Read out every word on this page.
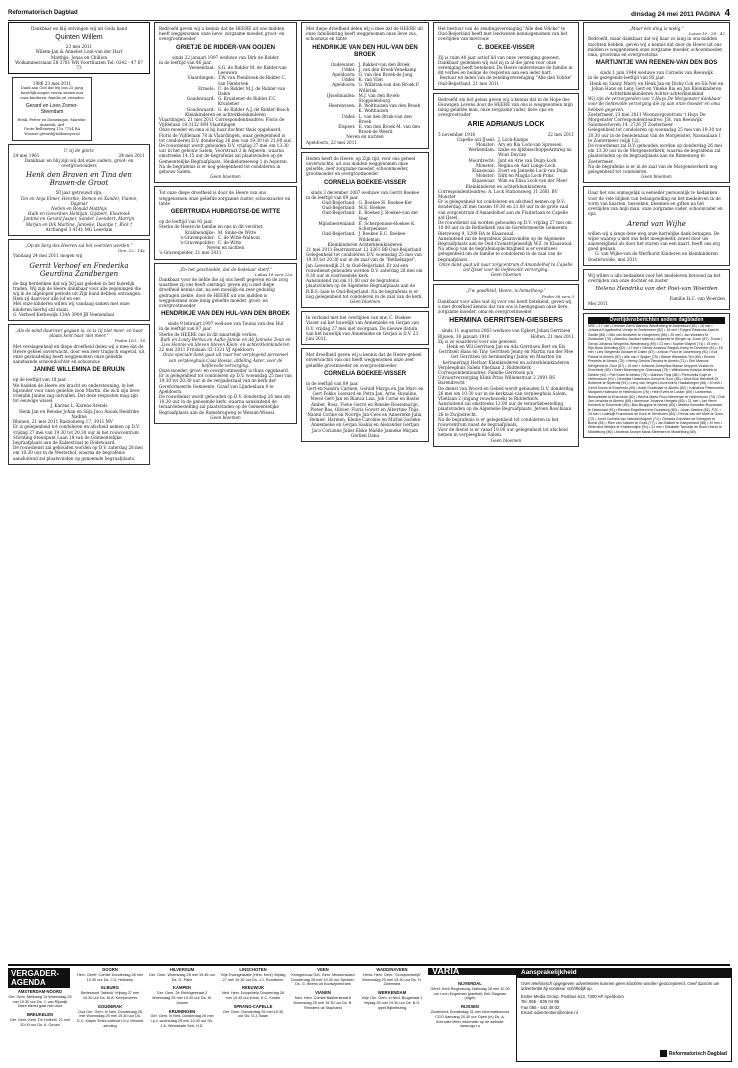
Reformatorisch Dagblad	dinsdag 24 mei 2011 PAGINA 4
Dankbaar en blij ontvingen wij uit Gods hand
Quinten Willem
23 mei 2011
Willem-Jan & Anneliet Lont-van der Hart
Matthijs, Jonas en Chillion
Wolkammerslaan 28 3781 WR Voorthuizen Tel: 0342 - 47 67 73
1986 23 mei 2011
Dank aan God dat wij ons 25 jarig huwelijk mogen vieren samen met onze kinderen, familie en vrienden
Gerard en Loes Zomer-Steendam
Henk, Petter en Domenique, Marieke, Annewik, Ard
Grote Bellemweg 11a 7754 RA Woonze gerard@zildemeyer.nl
U zij de glorie
24 mei 1961	24 mei 2011
Dankbaar en blij zijn wij dat onze ouders, groot- en overgrootouders
Henk den Braven en Tina den Braven-de Groot
50 jaar getrouwd zijn.
Ton en Anja Elmer, Henrike, Remco en Xander, Vianne, Dagmar
Nellen en Ronald Matthijs
Hulb en Geverdien Henlijan, Gijsbert, Elswmiek
Jantine en Gerard Jasper, Sander, Leendert, Marrijn
Marjan en Dik Martine, Janneke, Daantje †, Rick †
Archangel 3 4141 MG Leerdam
„Op de berg des Heeren zal het voorzien worden.”
Gen. 22 : 14c
Vandaag 24 mei 2011 mogen wij
Gerrit Verhoef en Frederika Geurdina Zandbergen
de dag herdenken dat wij 50 jaar geleden in het huwelijk traden. Wij zijn de Heere dankbaar voor alle zegeningen die wij in de afgelopen periode uit Zijn hand hebben ontvangen. Hem zij daarvoor alle lof en eer.
Met onze kinderen willen wij vandaag samen met onze kinderen hierbij stil staan.
G. Verhoef Kerkewijk 134A 3904 JB Veenendaal
„Als de wind daarover gegaan is, zo is zij niet meer, en haar plaats kent haar niet meer.”
Psalm 103 : 16
Met verslagenheid en diepe droefheid delen wij u mee dat de Heere geheel onverwacht, door een zeer tragisch ongeval, uit onze gezinsdeling heeft weggenomen onze geliefde aanstaande schoondochter en schoonzus
JANINE WILLEMINA DE BRUIJN
op de leeftijd van 18 jaar.
We hadden de Heere om kracht en ondersteuning, in het bijzonder voor onze geliefde zoon Martin, die zich zijn lieve vriendin Janine zag ontvallen. Dat deze resposten mag zijn tot eeuwige wissel.
J. Karens L. Karens-Arends
Henk Jan en Renske Johan en Silja Jaco Anouk Hendrike Nadine
Rhenen, 21 mei 2011 Bastionweg 17, 3911 MV
Er is gelegenheid tot condoleren en afscheid nemen op D.V. vrijdag 27 mei van 19.30 tot 20.30 uur in het rouwcentrum Stichting Steunpunt Laan 18 van de Gemeentelijke begraafplaats aan de Kalsestraat te Dodewaard.
De rouwdienst zal gehouden worden op D.V. zaterdag 28 mei om 10.30 uur in de Westerhof, waarna de begrafenis aansluitend zal plaatsvinden op genoemde begraafplaats.
Bedroefd geven wij u kennis dat de HEERE uit ons midden heeft weggenomen onze lieve, zorgzame moeder, groot- en overgrootmoeder
GRIETJE DE RIDDER-VAN OOIJEN
sinds 22 januari 1997 weduwe van Dirk de Ridder
in de leeftijd van 86 jaar.
Veenendaal: S.G. de Ridder M. de Ridder-van Leeuwen
Vlaardingen: T.W. van Pienbroek-de Ridder C. van Pienbroek
Ermelo: C. de Ridder M.J. de Ridder-van Dalen
Goudswaard: G. Kruidener-de Ridder F.C. Kruidener
Goudswaard: G. de Ridder A.J. de Ridder-Bosch
Kleinkinderen en achterkleinkinderen
Vlaardingen, 21 mei 2011 Correspondentieadres: Floris de Vijfdelaan 18 3132 HM Vlaardingen
Onze moeder en oma is bij haar dochter thuis opgebaard, Floris de Vijfdelaan 78 in Vlaardingen, waar gelegenheid is tot condoleren D.V. donderdag 26 mei van 19.30 tot 21.00 uur.
De rouwdienst wordt gehouden D.V. vrijdag 27 mei om 13.30 uur in het gebouw Salem, Voorstraat 3 in Asperen, waarna omstreeks 14.15 uur de begrafenis zal plaatsvinden op de Gemeentelijke Begraafplaats, Heukelumseweg 1 in Asperen.
Na de begrafenis is er nog gelegenheid tot condoleren in gebouw Salem.
Geen bloemen
Tot onze diepe droefheid is door de Heere van ons weggenomen onze geliefde zorgzame zuster, schoonzuster en tante
GEERTRUIDA HUBREGTSE-DE WITTE
op de leeftijd van 93 jaar.
Sterke de Heere de familie en ons in dit verdriet.
Krabbendijke: M. Sinke-de Witte
's-Gravenpolder: C. de Witte-Walhout
's-Gravenpolder: C. de Witte
Neven en nichten
's-Gravenpolder, 21 mei 2011
„En het geschiedde, dat de bedelaar stierf.”
Lukas 16 vers 22a
Dankbaar voor de liefde die zij ons heeft gegeven en de zorg waarmee zij ons heeft omringd, geven wij u met diepe droefheid kennis dat, na een moeilijk en zeer geduldig gedragen ziekte, door de HEERE uit ons midden is weggenomen onze innig geliefde moeder, groot- en overgrootmoeder
HENDRIKJE VAN DEN HUL-VAN DEN BROEK
sinds 9 februari 1997 weduwe van Teunis van den Hul
in de leeftijd van 87 jaar.
Sterke de HEERE ons in dit smartelijk verlies.
Ruth en Louty Bertus en Aafke Jannie en Ab Janneke Teun en Lies Hennie en Steven Steven Klein- en achterkleinkinderen
22 mei 2011 Fritslaan 33 1321 VJ Apeldoorn
Onze speciale dank gaat uit naar het verplegend personeel van verpleeghuis Casa Bossia, afdeling Aster, voor de liefdevolle verzorging.
Onze moeder, groot- en overgrootmoeder is thuis opgebaard.
Er is gelegenheid tot condoleren op D.V. woensdag 25 mei van 19.30 tot 20.30 uur in de vergaderzaal van de kerk der Gereformeerde Gemeente, Graaf van Lijndenlaan 9 te Apeldoorn.
De rouwdienst wordt gehouden op D.V. donderdag 26 mei om 10.30 uur in de genoemde kerk, waarna aansluitend de teraardebestelling zal plaatsvinden op de Gemeentelijke Begraafplaats aan de Ramsbrugweg te Wenum-Wiesel.
Geen bloemen
Met diepe droefheid delen wij u mee dat de HEERE uit onze familiekring heeft weggenomen onze lieve zus, schoonzus en tante
HENDRIKJE VAN DEN HUL-VAN DEN BROEK
Oudewater: J. Bakker-van den Broek
Uddel: J. van den Broek-Venekamp
Apeldoorn: G. van den Broek-de Jong
Uddel: K. van Vliet
Apeldoorn: G. Wilbrink-van den Broek P. Wilbrink
IJsselmuiden: M.J. van den Broek-Stoppelenburg
Heerenveen: B. Wolthuizen-van den Broek K. Wolthuizen
Uddel: L. van den Brink-van den Broek
Elspeet: E. van den Broek M. van den Broek-de Weerd
Neven en nichten
Apeldoorn, 22 mei 2011
Heden heeft de Heere, op Zijn tijd, voor ons geheel onverwachts, uit ons midden weggenomen onze geliefde, zeer zorgzame moeder, schoonmoeder, grootmoeder en overgrootmoeder
CORNELIA BOEKEE-VISSER
sinds 3 december 2007 weduwe van Gerrit Boekee
in de leeftijd van 89 jaar.
Oud-Beijerland: G. Boekee H. Boekee-Ker
Oud-Beijerland: M.E. Boekee
Oud-Beijerland: E. Boekee J. Boekee-van der Veer
Mijnsheerenland: E. Scherpenisse-Boekee K. Scherpenisse
Oud-Beijerland: J. Boekee E.C. Boekee-Wildeman
Kleinkinderen Achterkleinkinderen
21 mei 2011 Beatrixstraat 12 3261 BB Oud-Beijerland
Gelegenheid tot condoleren D.V. woensdag 25 mei van 19.30 tot 20.30 uur in de zaal van de "Bethelkapel", Jan Lievensdijk 21 te Oud-Beijerland. Er zal een rouwdienst gehouden worden D.V. zaterdag 28 mei om 9.30 uur in voornoemde kerk.
Aansluitend zal om 11.00 uur de begrafenis plaatsvinden op de Algemene Begraafplaats aan de R.B.S.-laan te Oud-Beijerland. Na de begrafenis is er nog gelegenheid tot condoleren in de zaal van de kerk.
Geen bloemen
In verband met het overlijden van mw. C. Boekee-Visser zal het huwelijk van Annemieke en Gerjan van D.V. vrijdag 27 mei niet doorgaan. De nieuwe datum van het huwelijk van Annemieke en Gerjan is D.V. 23 juni 2011.
Met droefheid geven wij u kennis dat de Heere geheel onverwachts van ons heeft weggenomen onze zeer geliefde grootmoeder en overgrootmoeder
CORNELIA BOEKEE-VISSER
in de leeftijd van 89 jaar.
Gert en Sandra Carmen, Gerald Marga en Jan Marc en Gert Fokko Leonard en Petra Jan, Arne, Rosaline, Merel Gert-Jan en Bianca Lisa, Job Corné en Bastei Amber, Rosa, Fiene Gerrit en Renske Roosemarijn, Pieter-Bas, Olivier, Floris Govert en Albertine Thijs, Naomi Corine en Noortje Jan-Cees en Annerieke Julia, Reinier, Harmen, Kleine Caroline en Michel Sarieke Annemieke en Gerjan Saskia en Alexander Gertjan Jaco Corianne Juliet Elske Maëlle Janneke Mirjam Gerlien Dana
Het bestuur van de zendingsvereniging "Alle den Volcke" te Oud-Beijerland heeft met leedwezen kennisgenomen van het overlijden van mevrouw
C. BOEKEE-VISSER
Zij is ruim 40 jaar actief lid van onze vereniging geweest. Dankbaar gedenken wij wat zij in al die jaren voor onze vereniging heeft betekend. De Heere ondersteune de familie in dit verlies en heilige de resposten aan een ieder hart.
Bestuur en leden van de zendingsvereniging "Alle den Volcke"
Oud-Beijerland, 21 mei 2011
Bedroefd om het gemis geven wij u kennis dat in de Hope des Eeuwigen Levens door de HEERE van ons is weggenomen mijn innig geliefde man, onze zorgzame vader, lieve opa en overgrootvader
ARIE ADRIANUS LOCK
5 november 1916	22 mei 2011
Capelle a/d IJssel: J. Lock-Kamps
Monster: Ary en Ria Lock-van Sprossen
Werkendam: Izabe en lijfsbisschoppeArmreg nu Wout Daycan
Moordrecht: Jant en Arie van Duijn-Lock
Monster: Regina en Aad Lunge-Lock
Klaaswaal: Evert en Janneke Lock-van Duijn
Monster: Dirk en Magda Lock-Prins
Klaaswaal: Wim en Elisa Lock-van der Meer
Kleinkinderen en achterkleinkinderen
Correspondentieadres: A. Lock Stationsweg 11 2681 BV Monster
Er is gelegenheid tot condoleren en afscheid nemen op D.V. donderdag 26 mei tussen 19.30 en 21.00 uur in de grote zaal van zorgcentrum d'Amandelhof aan de Fluiterlaan te Capelle a/d IJssel.
De rouwdienst zal worden gehouden op D.V. vrijdag 27 mei om 10.00 uur in de Bethelkerk van de Gereformeerde Gemeente, Rietveweg 9, 3298 BA te Klaaswaal.
Aansluitend zal de begrafenis plaatsvinden op de Algemene Begraafplaats aan de Oud-Cromstrijensedijk W.Z. te Klaaswaal.
Na afloop van de begrafenisplechtigheid is er eventueel gelegenheid om de familie te condoleren in de zaal van de begraafplaats.
Onze dank gaat uit naar zorgcentrum d'Amandelhof te Capelle a/d IJssel voor de liefdevolle verzorging.
Geen bloemen
„Uw goedheid, Heere, is hemelhoog.”
Psalm 36 vers 3
Dankbaar voor alles wat zij voor ons heeft betekend, geven wij u met droefheid kennis dat van ons is heengegaan onze lieve, zorgzame moeder, oma en overgrootmoeder
HERMINA GERRITSEN-GIESBERS
sinds 11 augustus 2003 weduwe van Egbert Johan Gerritsen
Rijssen, 30 januari 1916	Holten, 21 mei 2011
Zij is zo waardevol voor ons geweest.
Henk en Wil Gerritsen Jan en Ada Gerritsen Bert en Els Gerritsen Hans en Tiny Gerritsen Jenny en Martin van der Mee Ger Gerritsen (in herinnering) Janny en Maarten (in herinnering) Herlaar Kleinkinderen en achterkleinkinderen
Verpleeghuis Salem Vlietlaan 2, Ridderkerk
Correspondentieadres: Familie Gerritsen p/a Uitvaartverzorging Klink Prins Willemstraat 2 2991 BS Barendrecht
De dienst van Woord en Gebed wordt gehouden D.V. donderdag 26 mei om 10.30 uur in de kerkzaal van verpleeghuis Salem, Vlietlaan 2 (ingang rouwbezoek) te Ridderkerk.
Aansluitend zal omstreeks 12.00 uur de teraardebestelling plaatsvinden op de Algemene Begraafplaats, Jeroen Boschlaan 26 te Zwijndrecht.
Na de begrafenis is er gelegenheid tot condoleren in het rouwcentrum naast de begraafplaats.
Voor de dienst is er vanaf 10.00 uur gelegenheid tot afscheid nemen in verpleeghuis Salem.
Geen bloemen
„Maar één ding is nodig.”
Lucas 10 : 28 - 42
Bedroefd, maar dankbaar dat wij haar zo lang in ons midden mochten hebben, geven wij u kennis dat door de Heere uit ons midden is weggenomen onze zorgzame moeder, schoonmoeder, oma, grootoma en overgrootoma
MARTIJNTJE VAN REENEN-VAN DEN BOS
sinds 1 juni 1944 weduwe van Cornelis van Reeuwijk
in de gezegende leeftijd van 95 jaar.
Henk en Sanny Marry en Henk Jan en Dicky Cok en Els Nel en Johan Hans en Leny Gert en Ymeke Ria en Jan Kleinkinderen Achterkleinkinderen Achter-achterkleinkind
Wij zijn de verzorgenden van 't Huys De Morgenster dankbaar voor de liefdevolle verzorging die zij aan onze moeder en oma hebben gegeven.
Zoetermeer, 21 mei 2011 Woonzorgcentrum 't Huys De Morgenster Correspondentieadres: J.H. van Reeuwijk Salomeschoven 14, 2726 JT Zoetermeer
Gelegenheid tot condoleren op woensdag 25 mei van 19.30 tot 20.30 uur in de benedenzaal van de Morgenster, Nassaulaan 1 te Zoetermeer (wijk 12).
De rouwdienst zal D.V. gehouden worden op donderdag 26 mei om 13.30 uur in de Morgensterkerk, waarna de begrafenis zal plaatsvinden op de begraafplaats aan de Binnenweg te Zoetermeer.
Na de begrafenis is er in de zaal van de Morgensterkerk nog gelegenheid tot condoleren.
Geen bloemen
Daar het ons onmogelijk is eenieder persoonlijk te bedanken voor de vele blijken van belangstelling en het medeleven in de vorm van kaarten, bezoeken, bloemen en giften na het overlijden van mijn man, onze zorgzame vader, schoonvader en opa
Arend van Wijhe
willen wij u langs deze weg onze hartelijke dank betuigen. De wijze waarop u met ons hebt meegeleefd, zowel door uw aanwezigheid als door het sturen van een kaart, heeft ons erg goed gedaan.
G. van Wijhe-van de Werfhorst Kinderen en kleinkinderen
Oosterwolde, mei 2011
Wij willen u alle bedanken voor het medeleven betoond na het overlijden van onze dochter en zuster
Helena Hendrika van der Poel-van Woerden
Familie H.C. van Woerden
Mei 2011
Overlijdensberichten andere dagbladen
NRC • 17 mei • Herman Gerrit Marinus Westenberg te Amersfoort (64) • 18 mei • Johanna Engelbertha Vreeije te Zoetermeer (82) • 19 mei • Folgert Pasteuns-Kaal te Zwolle (85) • Otto van Binsveen te Hoogeveen (85) • 20 mei • Jan Woesers te Zuidwolde (75) • Albertha Jacoba Hallema-Lolkjonnet te Bergen op Zoom (87). Trouw • Gerda Johanna Wingerink-Westenburg (99) • 13 mei • Sophie Waynel (74) • 15 mei • Rijk Bouk-Schuiling (82) • 17 mei • Gerda Johanna Stegink-Kemp te Deventer (81) • 18 mei • Lies Stegeman-Bouwer te Dalen (87) • Antoon Poort te Lisserbroeg (91) • Eva Pakkie te Almelo (87) • Alle van 't Spijker (75) • Betsie Wieselink-Ten (89) • Emmie Presents te Almelo (75) • Henny Gesina Tienstra te Almelo (71) • Dirk Marinus Mengerink te Goor (87) • 19 mei • Johanna Josephina Marian Snippert-Voskim te Enschede (83) • Geert Bloemberg te Oldenzaal (79) • Wilhelmina Hulshof-Hellink te Delden (94) • Piet Kram te Almelo (79) • Marinus Thijs (68) • Pietronella Coljn te Hellendoorn (91) • Hendrika Hulsemann-Schult te Goor (83) • Dina Klok Westhoff-Te Boldeme te Nijverdal (92) • Leny van Vergert-Leuverink te Haaksbergen (66) • 20 mei • Gerrit Koens te Enschede (69) • Adolf Oosterlaar te Almelo (82) • Katharina Pieteronella Margaret-Holtmann te Hellendoorn (76) • Hein Evers te Losser (89) • Lambertus Belanekelde te Enschede (82) • Bertha Maria Floor-Weertman te Hellendoorn (74) • Dirk Jan Lensinks te Almelo (68) • Annerose Johanna Hengelo (65) • 21 mei • Jan Herm Kerbrink te Enschede (69) • Bos Bruggink te Neede (83) • Martha Schokker-Roosmaar te Oldenzaal (91) • Renske Engelbrecht te Doesburg (83) • Johan Saeters (82). PZC • 19 mei • Lodewijk Franciscus de Kock te Terneuzen (84) • Petrus van der Male te Goes (72) • Joost Cornelis van Nieuwenhuijzen (71) • Gerarda Dorothea de Schepper te Borde (83) • Rien van Sassen te Goes (77) • Jan Bakker te Kamperland (58) • 20 mei • Willemina Wietjes te Krabbendijke (91) • 21 mei • Elisabeth Tanneije de Buck-Hoeve te Middelburg (86) • Andreas Joseph Maria Steemers te Middelburg (65).
VERGADER-AGENDA
AMSTERDAM-NOORD
Ger. Gem. Melkweg 14 Woensdag 25 mei 19.30 uur Ds. J. van Rijswijk Deze dienst gaat niet door
BREUKELEN
Ger. Gem. Kerk 'De Hofkerk' 21 mei 20.00 uur Ds. A. Geuze
DOORN
Herv. Geref. Comité Donderdag 26 mei 19.30 uur Ds. J.D. Heikamp
ELBURG
Bedestond 'Jabbok' Vrijdag 27 mei 19.30 uur Ds. M.A. Kempeneers
GOUDERAK
Oud Ger. Gem. in Ned. Donderdag 26 mei Woensdag 25 mei 19.30 uur Ds. D.C. Klaper Extra collecte t.b.v. Mbuma zending
HILVERSUM
Ger. Gem. Woensdag 25 mei 19.45 uur Ds. G. Palm
KAMPEN
Ger. Gem. 2e Ebbingestraat 2 Woensdag 25 mei 19.30 uur Ds. M. Joosse
KRUININGEN
Ger. Gem. in Ned. Donderdag 26 mei i.p.v. woensdag 25 mei 19.30 uur Ds. J.A. Weststrate Sed. H.D.
LINSCHOTEN
Vrije Evangelisatie (Herv. Kerk) Vrijdag 27 mei 19.30 uur Ds. J.J. Roodbeen
REEUWIJK
Ned. Herv. Doopshelp Donderdag 26 mei 19.45 uur Kand. K.C. Koster
SPRANG-CAPELLE
Ger. Gem. Donderdag 26 mei 19.30 uur Ds. G.J. Baan
VEEN
Kerkgebouw Ger. Gem. Mussenstaed Donderdag 26 mei 19.30 uur Spreker: Ds. G. Beens uit Kootwijkerbroek
VIANEN
Ned. Herv. Comité Bakkerstraat 8 Woensdag 25 mei 19.30 uur Ds. B. Reinders uit Stapharst
WADDINXVEEN
Herst. Herv. Gem. "Oorspronkelijk" Woensdag 25 mei 19.30 uur Ds. H. Zwemstra
WERKENDAM
Vrije Ger. Gem. in Ned. Brugstraat 1 Vrijdag 25 mei 19.30 uur Ds. B.G. Ippel Bijbellezing
VARIA
NIJVERDAL
Geref. Kerk Regenboog Zaterdag 28 mei 10.30 uur Leon Engelman (panfluit) Dirk Slagman (orgel)
RIJSSEN
Zuiderkerk Donderdag 31 mei Informatieavond CGO Aanvang 20.30 uur Open (in) Ds. A. Schroder Meer informatie op de website: www.cgo.ru
Aansprakelijkheid
Over telefonisch opgegeven advertenties kunnen geen klachten worden geaccepteerd. Geef daarom uw advertentie bij voorkeur schriftelijk op.
Erdee Media Groep, Postbus 613, 7300 AP Apeldoorn
Tel: 055 - 539 04 99
Fax 055 - 542 48 02
Email: advertentien@erdee.nl
Reformatorisch Dagblad
